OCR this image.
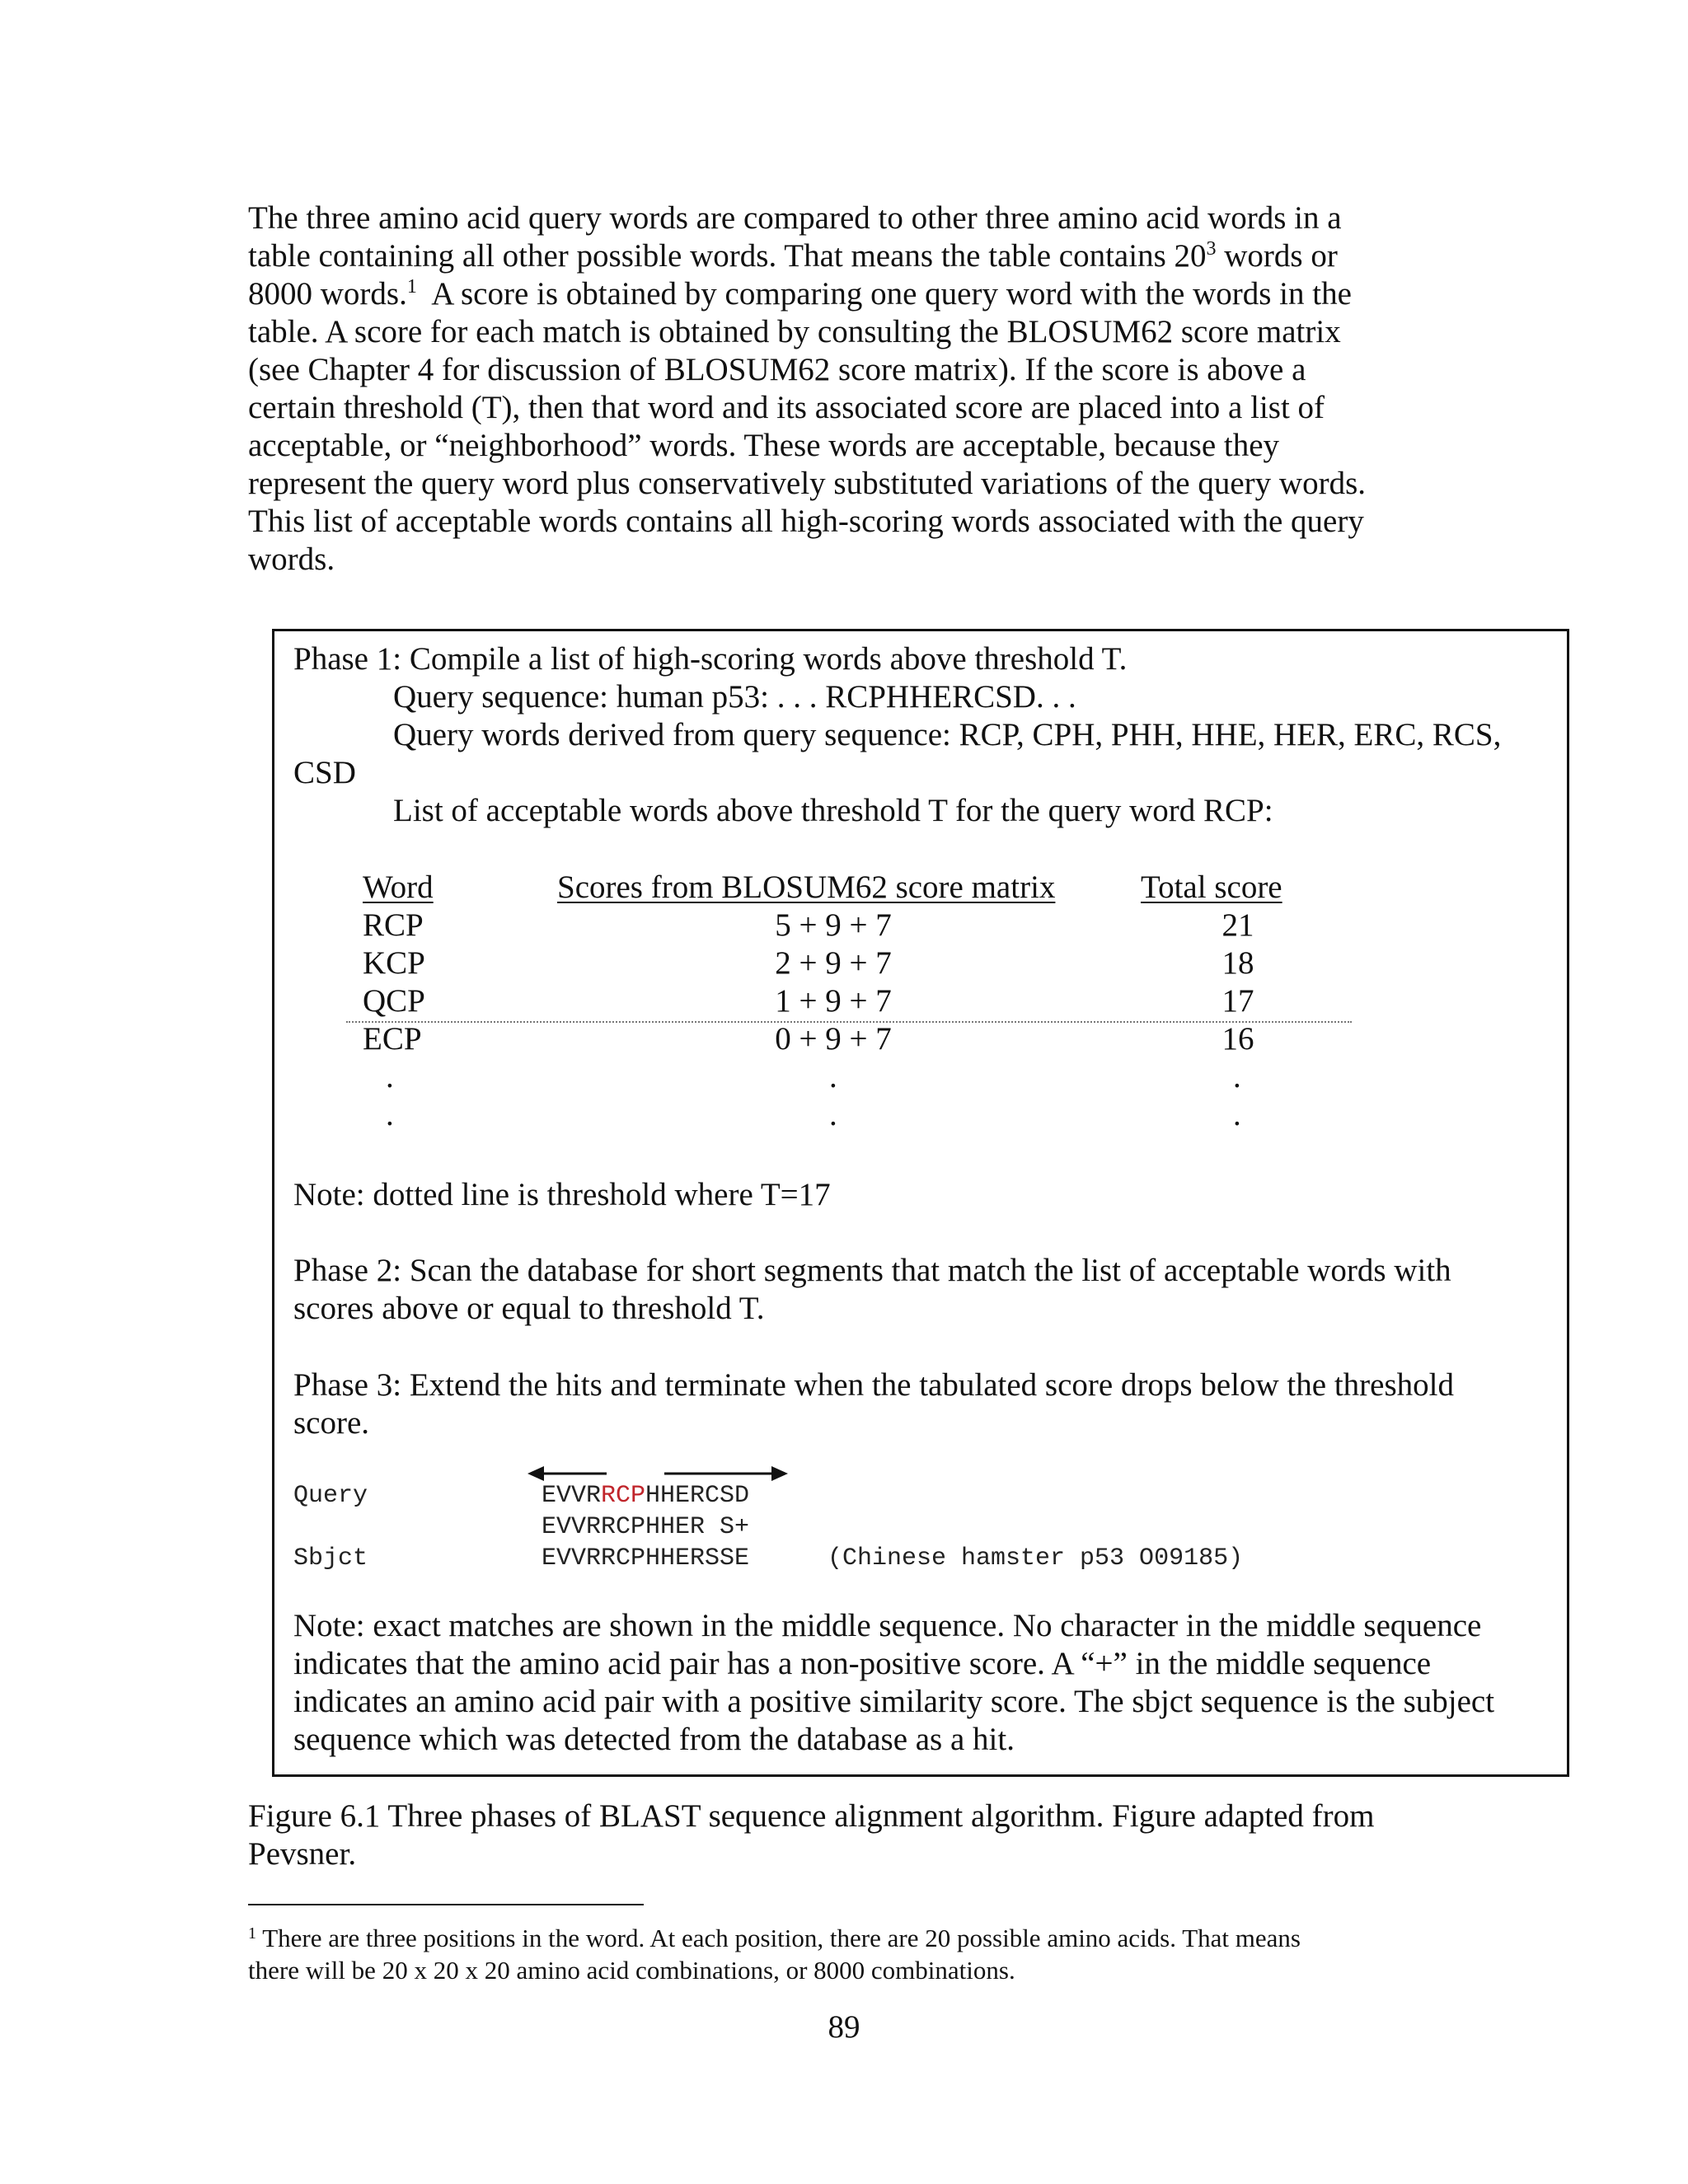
The three amino acid query words are compared to other three amino acid words in a
table containing all other possible words. That means the table contains $20^3$ words or
8000 words.$^1$ A score is obtained by comparing one query word with the words in the
table. A score for each match is obtained by consulting the BLOSUM62 score matrix
(see Chapter 4 for discussion of BLOSUM62 score matrix). If the score is above a
certain threshold (T), then that word and its associated score are placed into a list of
acceptable, or “neighborhood” words. These words are acceptable, because they
represent the query word plus conservatively substituted variations of the query words.
This list of acceptable words contains all high-scoring words associated with the query
words.
Phase 1: Compile a list of high-scoring words above threshold T.
Query sequence: human p53: . . . RCPHHERCSD. . .
Query words derived from query sequence: RCP, CPH, PHH, HHE, HER, ERC, RCS,
CSD
List of acceptable words above threshold T for the query word RCP:
Word	Scores from BLOSUM62 score matrix	Total score
RCP	5 + 9 + 7	21
KCP	2 + 9 + 7	18
QCP	1 + 9 + 7	17
ECP	0 + 9 + 7	16
.	.	.
.	.	.
Note: dotted line is threshold where T=17
Phase 2: Scan the database for short segments that match the list of acceptable words with
scores above or equal to threshold T.
Phase 3: Extend the hits and terminate when the tabulated score drops below the threshold
score.
Query	EVVRRCPHHERCSD
EVVRRCPHHER S+
Sbjct	EVVRRCPHHERSSE	(Chinese hamster p53 O09185)
Note: exact matches are shown in the middle sequence. No character in the middle sequence
indicates that the amino acid pair has a non-positive score. A “+” in the middle sequence
indicates an amino acid pair with a positive similarity score. The sbjct sequence is the subject
sequence which was detected from the database as a hit.
Figure 6.1 Three phases of BLAST sequence alignment algorithm. Figure adapted from
Pevsner.
$^1$ There are three positions in the word. At each position, there are 20 possible amino acids. That means
there will be 20 x 20 x 20 amino acid combinations, or 8000 combinations.
89
